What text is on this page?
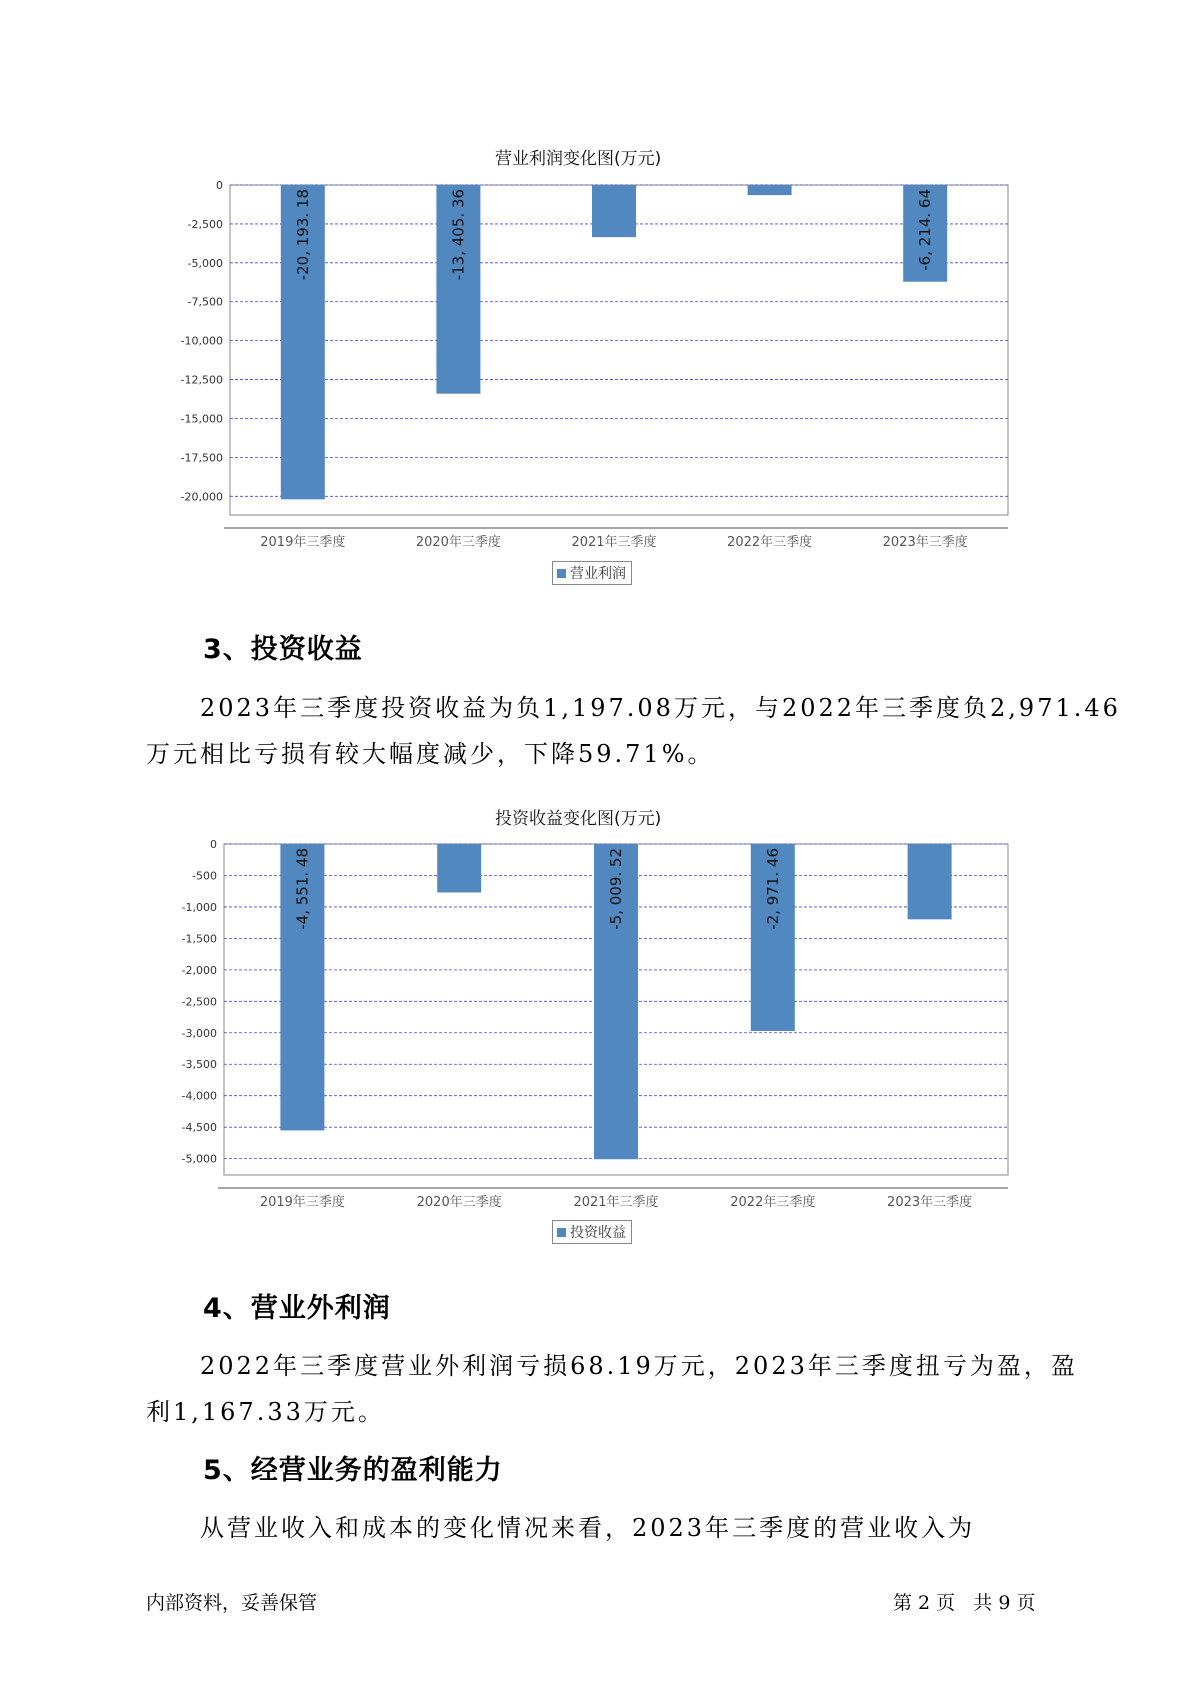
营业利润变化图(万元)
0
-2,500
-5,000
-7,500
-10,000
-12,500
-15,000
-17,500
-20,000
-20, 193. 18
2019年三季度
-13, 405. 36
2020年三季度	2021年三季度	2022年三季度
-6, 214. 64
2023年三季度
营业利润
3、投资收益
2023年三季度投资收益为负1,197.08万元，与2022年三季度负2,971.46
万元相比亏损有较大幅度减少，下降59.71%。
投资收益变化图(万元)
0
-500
-1,000
-1,500
-2,000
-2,500
-3,000
-3,500
-4,000
-4,500
-5,000
-4, 551. 48
2019年三季度	2020年三季度
-5, 009. 52
2021年三季度
-2, 971. 46
2022年三季度	2023年三季度
投资收益
4、营业外利润
2022年三季度营业外利润亏损68.19万元，2023年三季度扭亏为盈，盈
利1,167.33万元。
5、经营业务的盈利能力
从营业收入和成本的变化情况来看，2023年三季度的营业收入为
内部资料，妥善保管	第 2 页   共 9 页
